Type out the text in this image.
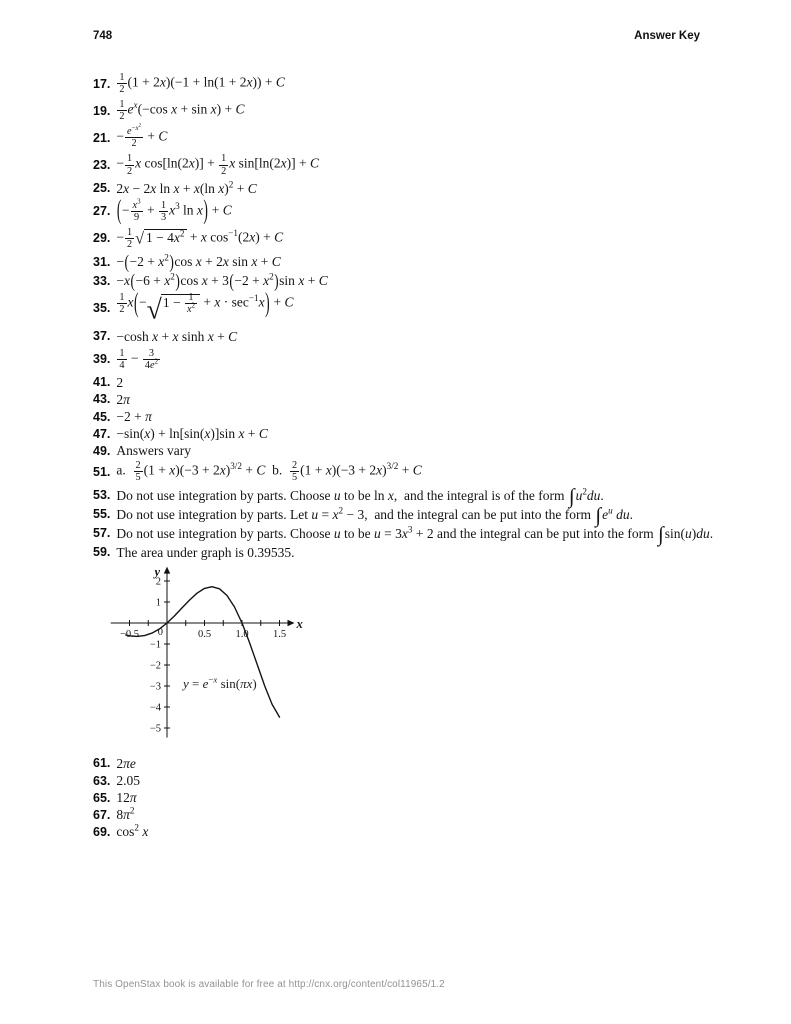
748	Answer Key
17. $\frac{1}{2} (1 + 2x)(-1 + \ln(1 + 2x)) + C$
19. $\frac{1}{2} e^x(-\cos$ x + sin x) + C
21. − $\frac{e^{-x^2}}{2} + C$
23. − $\frac{1}{2}$ x $\cos[\ln(2x)] + \frac{1}{2}$ x sin[ln(2x)] + C
25. 2x − 2x ln x + x(ln x)$^2$ + C
27. (− $\frac{x^3}{9} + \frac{1}{3} x^3$ ln x) + C
29. − $\frac{1}{2}$ √ $1 - 4x^2 + x$ $\cos^{-1}(2x) + C$
31. $-(-2 + x^2)\cos$ x + 2x sin x + C
33. $-x(-6 + x^2)\cos$ $x + 3(-2 + x^2)\sin$ x + C
35. $\frac{1}{2} x(-√$ $1 - \frac{1}{x^2} + x \cdot \sec^{-1}x) + C$
37. −cosh x + x sinh x + C
39. $\frac{1}{4} - \frac{3}{4e^2}$
41. 2
43. 2π
45. −2 + π
47. −sin(x) + ln[sin(x)]sin x + C
49. Answers vary
51. a. $\frac{2}{5} (1 + x)(-3 + 2x)^{3/2} + C$ b. $\frac{2}{5} (1 + x)(-3 + 2x)^{3/2} + C$
53. Do not use integration by parts. Choose u to be ln x, and the integral is of the form $\int u^2du$.
55. Do not use integration by parts. Let $u = x^2 - 3$, and the integral can be put into the form $\int e^u$ du.
57. Do not use integration by parts. Choose u to be $u = 3x^3 + 2$ and the integral can be put into the form ∫sin(u)du.
59. The area under graph is 0.39535.
−0.5	0.5 1.0 1.5
2
1
−1
−2
−3
−4
−5
0
y
x
$y = e^{-x}$ sin(πx)
61. 2πe
63. 2.05
65. 12π
67. $8\pi^2$
69. $\cos^2 x$
This OpenStax book is available for free at http://cnx.org/content/col11965/1.2
